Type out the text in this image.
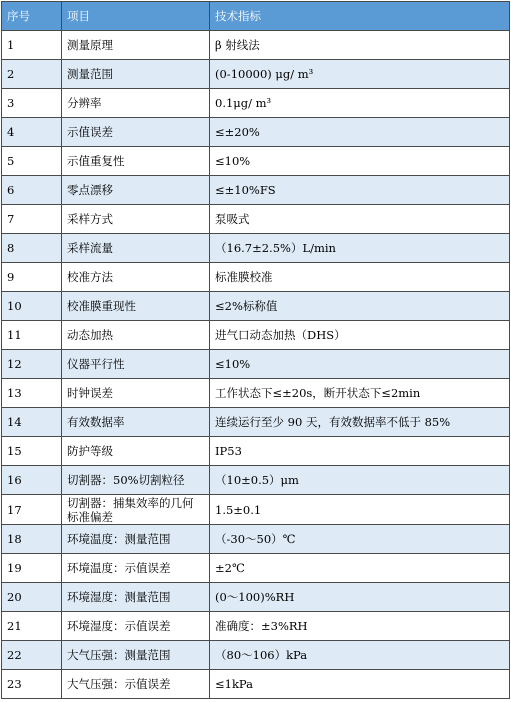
序号	项目	技术指标
1	测量原理	β 射线法
2	测量范围	(0-10000) μg/ m³
3	分辨率	0.1μg/ m³
4	示值误差	≤±20%
5	示值重复性	≤10%
6	零点漂移	≤±10%FS
7	采样方式	泵吸式
8	采样流量	（16.7±2.5%）L/min
9	校准方法	标准膜校准
10	校准膜重现性	≤2%标称值
11	动态加热	进气口动态加热（DHS）
12	仪器平行性	≤10%
13	时钟误差	工作状态下≤±20s，断开状态下≤2min
14	有效数据率	连续运行至少 90 天，有效数据率不低于 85%
15	防护等级	IP53
16	切割器：50%切割粒径	（10±0.5）μm
17	切割器：捕集效率的几何标准偏差	1.5±0.1
18	环境温度：测量范围	（-30～50）℃
19	环境温度：示值误差	±2℃
20	环境湿度：测量范围	(0～100)%RH
21	环境湿度：示值误差	准确度：±3%RH
22	大气压强：测量范围	（80～106）kPa
23	大气压强：示值误差	≤1kPa
